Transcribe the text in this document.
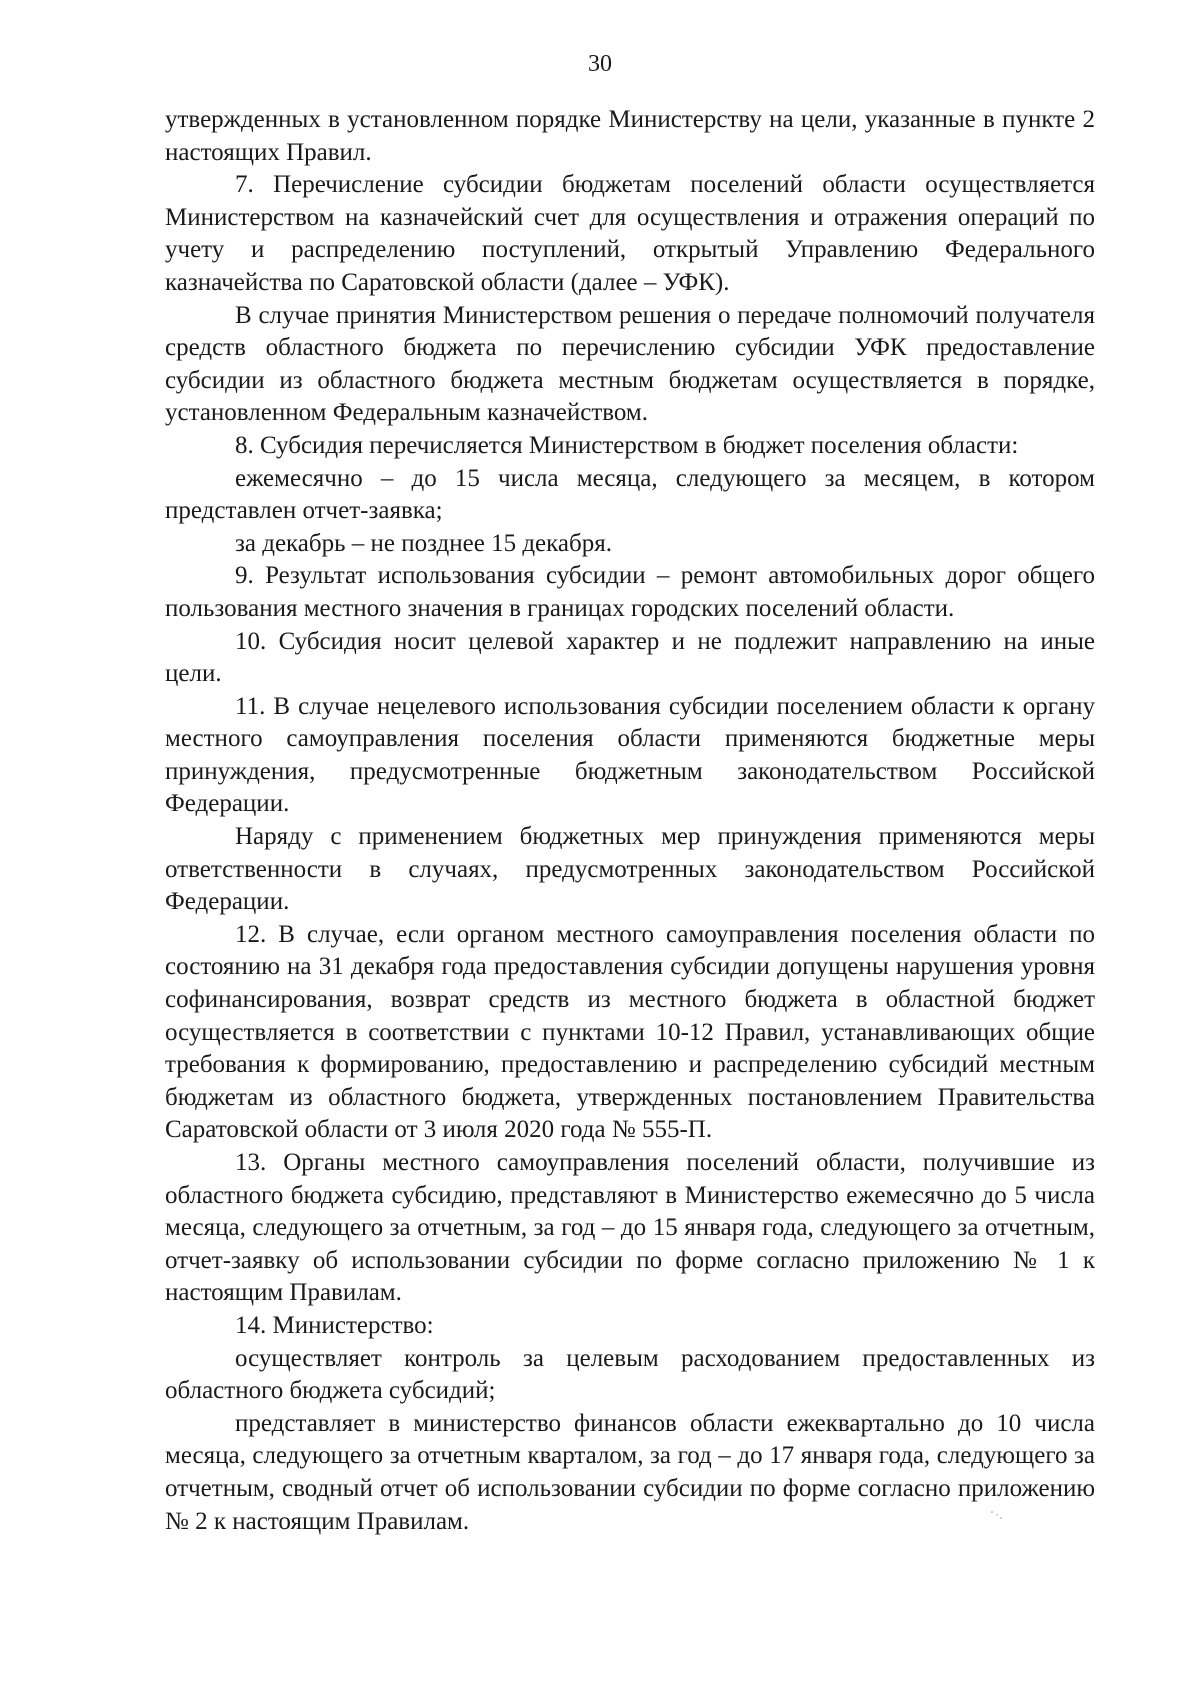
30

утвержденных в установленном порядке Министерству на цели, указанные в пункте 2 настоящих Правил.

7. Перечисление субсидии бюджетам поселений области осуществляется Министерством на казначейский счет для осуществления и отражения операций по учету и распределению поступлений, открытый Управлению Федерального казначейства по Саратовской области (далее – УФК).

В случае принятия Министерством решения о передаче полномочий получателя средств областного бюджета по перечислению субсидии УФК предоставление субсидии из областного бюджета местным бюджетам осуществляется в порядке, установленном Федеральным казначейством.

8. Субсидия перечисляется Министерством в бюджет поселения области:

ежемесячно – до 15 числа месяца, следующего за месяцем, в котором представлен отчет-заявка;

за декабрь – не позднее 15 декабря.

9. Результат использования субсидии – ремонт автомобильных дорог общего пользования местного значения в границах городских поселений области.

10. Субсидия носит целевой характер и не подлежит направлению на иные цели.

11. В случае нецелевого использования субсидии поселением области к органу местного самоуправления поселения области применяются бюджетные меры принуждения, предусмотренные бюджетным законодательством Российской Федерации.

Наряду с применением бюджетных мер принуждения применяются меры ответственности в случаях, предусмотренных законодательством Российской Федерации.

12. В случае, если органом местного самоуправления поселения области по состоянию на 31 декабря года предоставления субсидии допущены нарушения уровня софинансирования, возврат средств из местного бюджета в областной бюджет осуществляется в соответствии с пунктами 10-12 Правил, устанавливающих общие требования к формированию, предоставлению и распределению субсидий местным бюджетам из областного бюджета, утвержденных постановлением Правительства Саратовской области от 3 июля 2020 года № 555-П.

13. Органы местного самоуправления поселений области, получившие из областного бюджета субсидию, представляют в Министерство ежемесячно до 5 числа месяца, следующего за отчетным, за год – до 15 января года, следующего за отчетным, отчет-заявку об использовании субсидии по форме согласно приложению № 1 к настоящим Правилам.

14. Министерство:

осуществляет контроль за целевым расходованием предоставленных из областного бюджета субсидий;

представляет в министерство финансов области ежеквартально до 10 числа месяца, следующего за отчетным кварталом, за год – до 17 января года, следующего за отчетным, сводный отчет об использовании субсидии по форме согласно приложению № 2 к настоящим Правилам.
